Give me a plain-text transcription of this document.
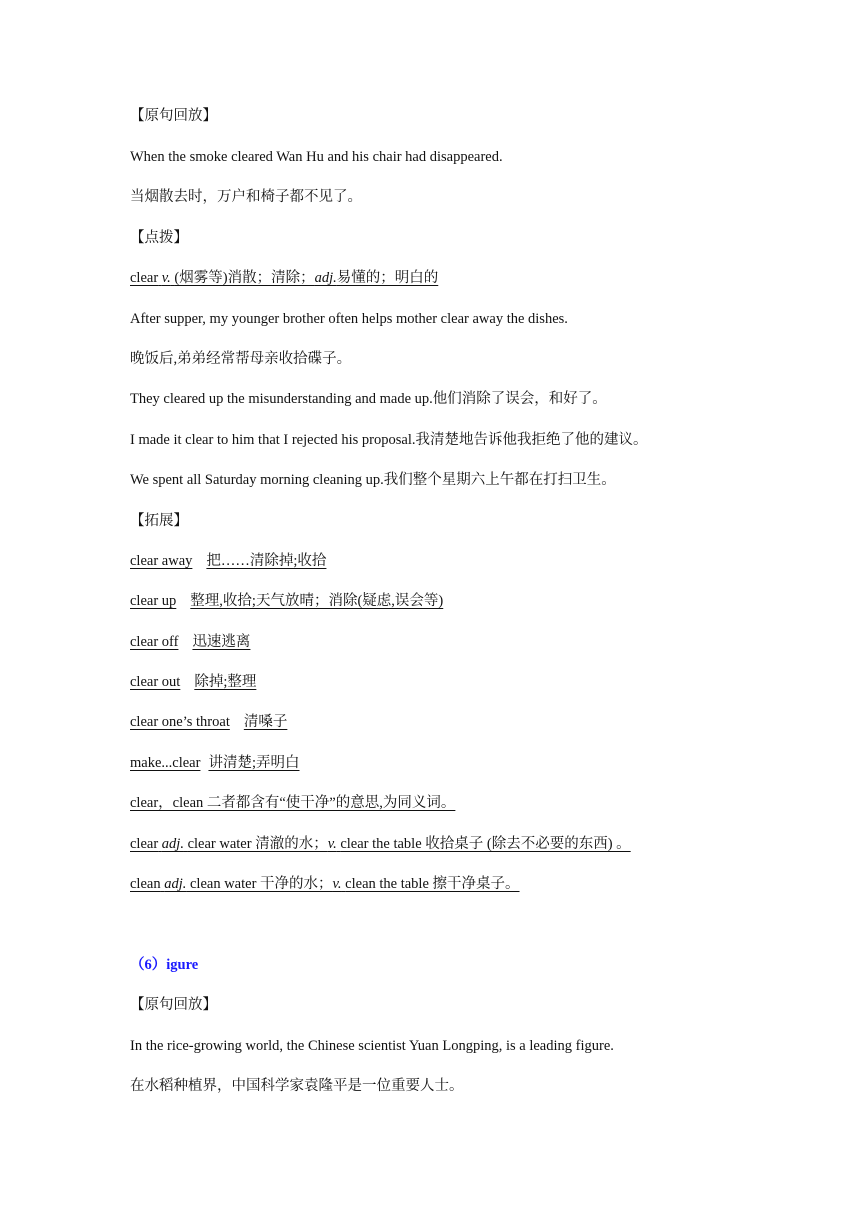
【原句回放】
When the smoke cleared Wan Hu and his chair had disappeared.
当烟散去时，万户和椅子都不见了。
【点拨】
clear v. (烟雾等)消散；清除；adj.易懂的；明白的
After supper, my younger brother often helps mother clear away the dishes.
晚饭后,弟弟经常帮母亲收拾碟子。
They cleared up the misunderstanding and made up.他们消除了误会，和好了。
I made it clear to him that I rejected his proposal.我清楚地告诉他我拒绝了他的建议。
We spent all Saturday morning cleaning up.我们整个星期六上午都在打扫卫生。
【拓展】
clear away 把……清除掉;收拾
clear up 整理,收拾;天气放晴；消除(疑虑,误会等)
clear off 迅速逃离
clear out 除掉;整理
clear one’s throat 清嗓子
make...clear 讲清楚;弄明白
clear，clean 二者都含有“使干净”的意思,为同义词。
clear adj. clear water 清澈的水；v. clear the table 收拾桌子 (除去不必要的东西) 。
clean adj. clean water 干净的水；v. clean the table 擦干净桌子。
（6）igure
【原句回放】
In the rice-growing world, the Chinese scientist Yuan Longping, is a leading figure.
在水稻种植界，中国科学家袁隆平是一位重要人士。
